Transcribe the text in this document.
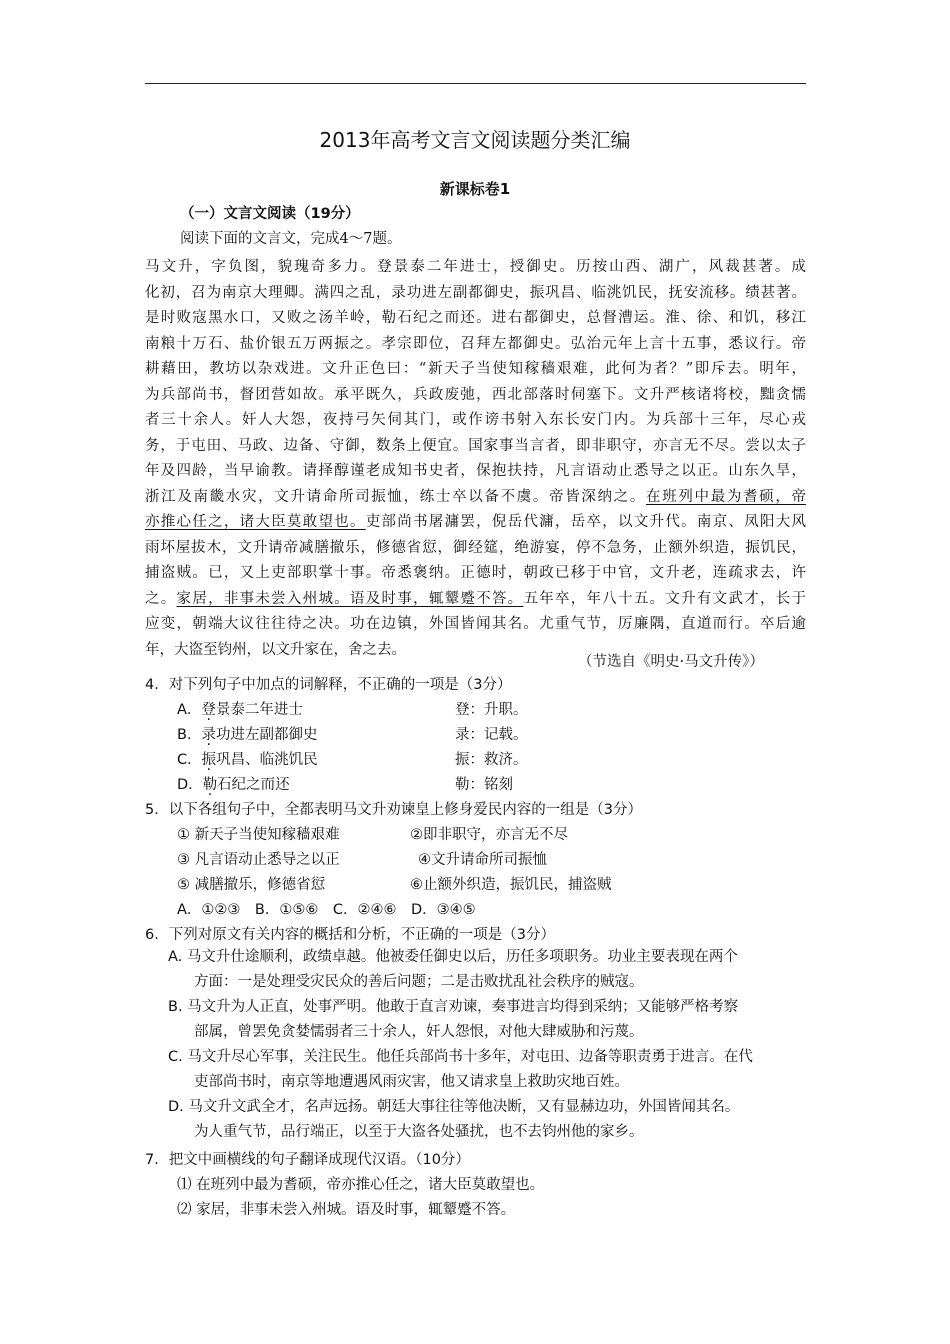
2013年高考文言文阅读题分类汇编
新课标卷1
（一）文言文阅读（19分）
阅读下面的文言文，完成4～7题。
马文升，字负图，貌瑰奇多力。登景泰二年进士，授御史。历按山西、湖广，风裁甚著。成
化初，召为南京大理卿。满四之乱，录功进左副都御史，振巩昌、临洮饥民，抚安流移。绩甚著。
是时败寇黑水口，又败之汤羊岭，勒石纪之而还。进右都御史，总督漕运。淮、徐、和饥，移江
南粮十万石、盐价银五万两振之。孝宗即位，召拜左都御史。弘治元年上言十五事，悉议行。帝
耕藉田，教坊以杂戏进。文升正色曰：“新天子当使知稼穑艰难，此何为者？”即斥去。明年，
为兵部尚书，督团营如故。承平既久，兵政废弛，西北部落时伺塞下。文升严核诸将校，黜贪懦
者三十余人。奸人大怨，夜持弓矢伺其门，或作谤书射入东长安门内。为兵部十三年，尽心戎
务，于屯田、马政、边备、守御，数条上便宜。国家事当言者，即非职守，亦言无不尽。尝以太子
年及四龄，当早谕教。请择醇谨老成知书史者，保抱扶持，凡言语动止悉导之以正。山东久旱，
浙江及南畿水灾，文升请命所司振恤，练士卒以备不虞。帝皆深纳之。在班列中最为耆硕，帝
亦推心任之，诸大臣莫敢望也。吏部尚书屠滽罢，倪岳代滽，岳卒，以文升代。南京、凤阳大风
雨坏屋拔木，文升请帝减膳撤乐，修德省愆，御经筵，绝游宴，停不急务，止额外织造，振饥民，
捕盗贼。已，又上吏部职掌十事。帝悉褒纳。正德时，朝政已移于中官，文升老，连疏求去，许
之。家居，非事未尝入州城。语及时事，辄颦蹙不答。五年卒，年八十五。文升有文武才，长于
应变，朝端大议往往待之决。功在边镇，外国皆闻其名。尤重气节，厉廉隅，直道而行。卒后逾
年，大盗至钧州，以文升家在，舍之去。
（节选自《明史·马文升传》）
4．对下列句子中加点的词解释，不正确的一项是（3分）
A．登景泰二年进士	登：升职。
B．录功进左副都御史	录：记载。
C．振巩昌、临洮饥民	振：救济。
D．勒石纪之而还	勒：铭刻
5．以下各组句子中，全都表明马文升劝谏皇上修身爱民内容的一组是（3分）
① 新天子当使知稼穑艰难	②即非职守，亦言无不尽
③ 凡言语动止悉导之以正	④文升请命所司振恤
⑤ 减膳撤乐，修德省愆	⑥止额外织造，振饥民，捕盗贼
A．①②③　B．①⑤⑥　C．②④⑥　D．③④⑤
6．下列对原文有关内容的概括和分析，不正确的一项是（3分）
A. 马文升仕途顺利，政绩卓越。他被委任御史以后，历任多项职务。功业主要表现在两个
方面：一是处理受灾民众的善后问题；二是击败扰乱社会秩序的贼寇。
B. 马文升为人正直，处事严明。他敢于直言劝谏，奏事进言均得到采纳；又能够严格考察
部属，曾罢免贪婪懦弱者三十余人，奸人怨恨，对他大肆威胁和污蔑。
C. 马文升尽心军事，关注民生。他任兵部尚书十多年，对屯田、边备等职责勇于进言。在代
吏部尚书时，南京等地遭遇风雨灾害，他又请求皇上救助灾地百姓。
D. 马文升文武全才，名声远扬。朝廷大事往往等他决断，又有显赫边功，外国皆闻其名。
为人重气节，品行端正，以至于大盗各处骚扰，也不去钧州他的家乡。
7．把文中画横线的句子翻译成现代汉语。（10分）
⑴ 在班列中最为耆硕，帝亦推心任之，诸大臣莫敢望也。
⑵ 家居，非事未尝入州城。语及时事，辄颦蹙不答。
